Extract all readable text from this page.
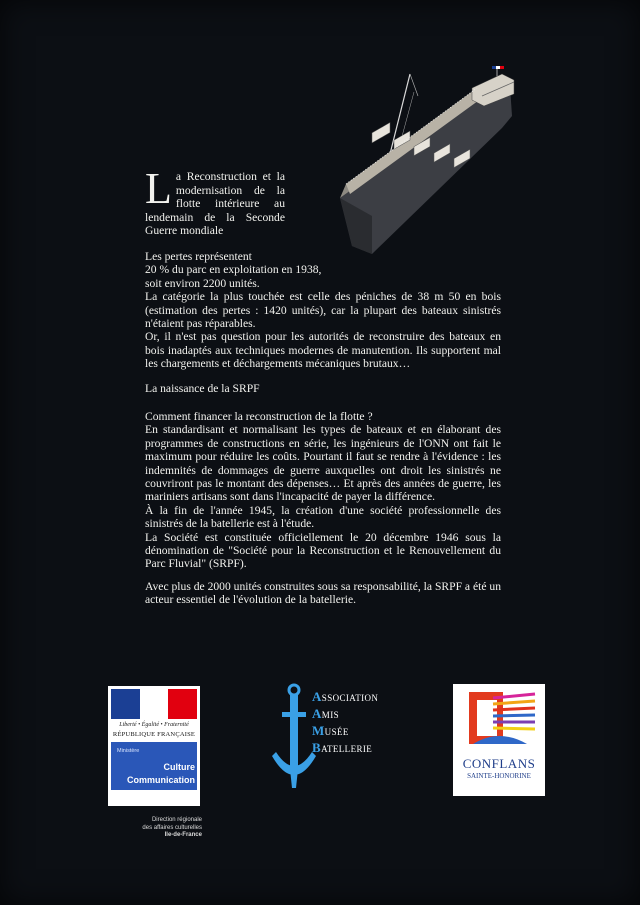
La Reconstruction et la modernisation de la flotte intérieure au lendemain de la Seconde Guerre mondiale

Les pertes représentent

20 % du parc en exploitation en 1938,

soit environ 2200 unités.

La catégorie la plus touchée est celle des péniches de 38 m 50 en bois (estimation des pertes : 1420 unités), car la plupart des bateaux sinistrés n'étaient pas réparables.

Or, il n'est pas question pour les autorités de reconstruire des bateaux en bois inadaptés aux techniques modernes de manutention. Ils supportent mal les chargements et déchargements mécaniques brutaux…

La naissance de la SRPF

Comment financer la reconstruction de la flotte ?

En standardisant et normalisant les types de bateaux et en élaborant des programmes de constructions en série, les ingénieurs de l'ONN ont fait le maximum pour réduire les coûts. Pourtant il faut se rendre à l'évidence : les indemnités de dommages de guerre auxquelles ont droit les sinistrés ne couvriront pas le montant des dépenses… Et après des années de guerre, les mariniers artisans sont dans l'incapacité de payer la différence.

À la fin de l'année 1945, la création d'une société professionnelle des sinistrés de la batellerie est à l'étude.

La Société est constituée officiellement le 20 décembre 1946 sous la dénomination de "Société pour la Reconstruction et le Renouvellement du Parc Fluvial" (SRPF).

Avec plus de 2000 unités construites sous sa responsabilité, la SRPF a été un acteur essentiel de l'évolution de la batellerie.
Liberté • Égalité • Fraternité
RÉPUBLIQUE FRANÇAISE
Ministère
Culture
Communication
Direction régionale
des affaires culturelles
Ile-de-France
ASSOCIATION
AMIS
MUSÉE
BATELLERIE
CONFLANS
SAINTE-HONORINE
